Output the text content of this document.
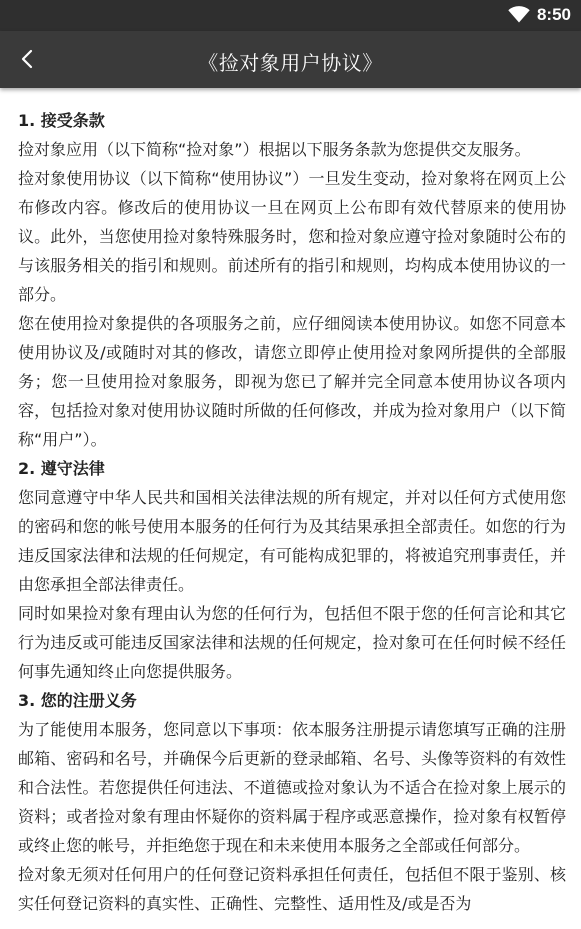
8:50
《捡对象用户协议》

1. 接受条款

捡对象应用（以下简称“捡对象”）根据以下服务条款为您提供交友服务。

捡对象使用协议（以下简称“使用协议”）一旦发生变动，捡对象将在网页上公布修改内容。修改后的使用协议一旦在网页上公布即有效代替原来的使用协议。此外，当您使用捡对象特殊服务时，您和捡对象应遵守捡对象随时公布的与该服务相关的指引和规则。前述所有的指引和规则，均构成本使用协议的一部分。

您在使用捡对象提供的各项服务之前，应仔细阅读本使用协议。如您不同意本使用协议及/或随时对其的修改，请您立即停止使用捡对象网所提供的全部服务；您一旦使用捡对象服务，即视为您已了解并完全同意本使用协议各项内容，包括捡对象对使用协议随时所做的任何修改，并成为捡对象用户（以下简称“用户”）。

2. 遵守法律

您同意遵守中华人民共和国相关法律法规的所有规定，并对以任何方式使用您的密码和您的帐号使用本服务的任何行为及其结果承担全部责任。如您的行为违反国家法律和法规的任何规定，有可能构成犯罪的，将被追究刑事责任，并由您承担全部法律责任。

同时如果捡对象有理由认为您的任何行为，包括但不限于您的任何言论和其它行为违反或可能违反国家法律和法规的任何规定，捡对象可在任何时候不经任何事先通知终止向您提供服务。

3. 您的注册义务

为了能使用本服务，您同意以下事项：依本服务注册提示请您填写正确的注册邮箱、密码和名号，并确保今后更新的登录邮箱、名号、头像等资料的有效性和合法性。若您提供任何违法、不道德或捡对象认为不适合在捡对象上展示的资料；或者捡对象有理由怀疑你的资料属于程序或恶意操作，捡对象有权暂停或终止您的帐号，并拒绝您于现在和未来使用本服务之全部或任何部分。

捡对象无须对任何用户的任何登记资料承担任何责任，包括但不限于鉴别、核实任何登记资料的真实性、正确性、完整性、适用性及/或是否为
